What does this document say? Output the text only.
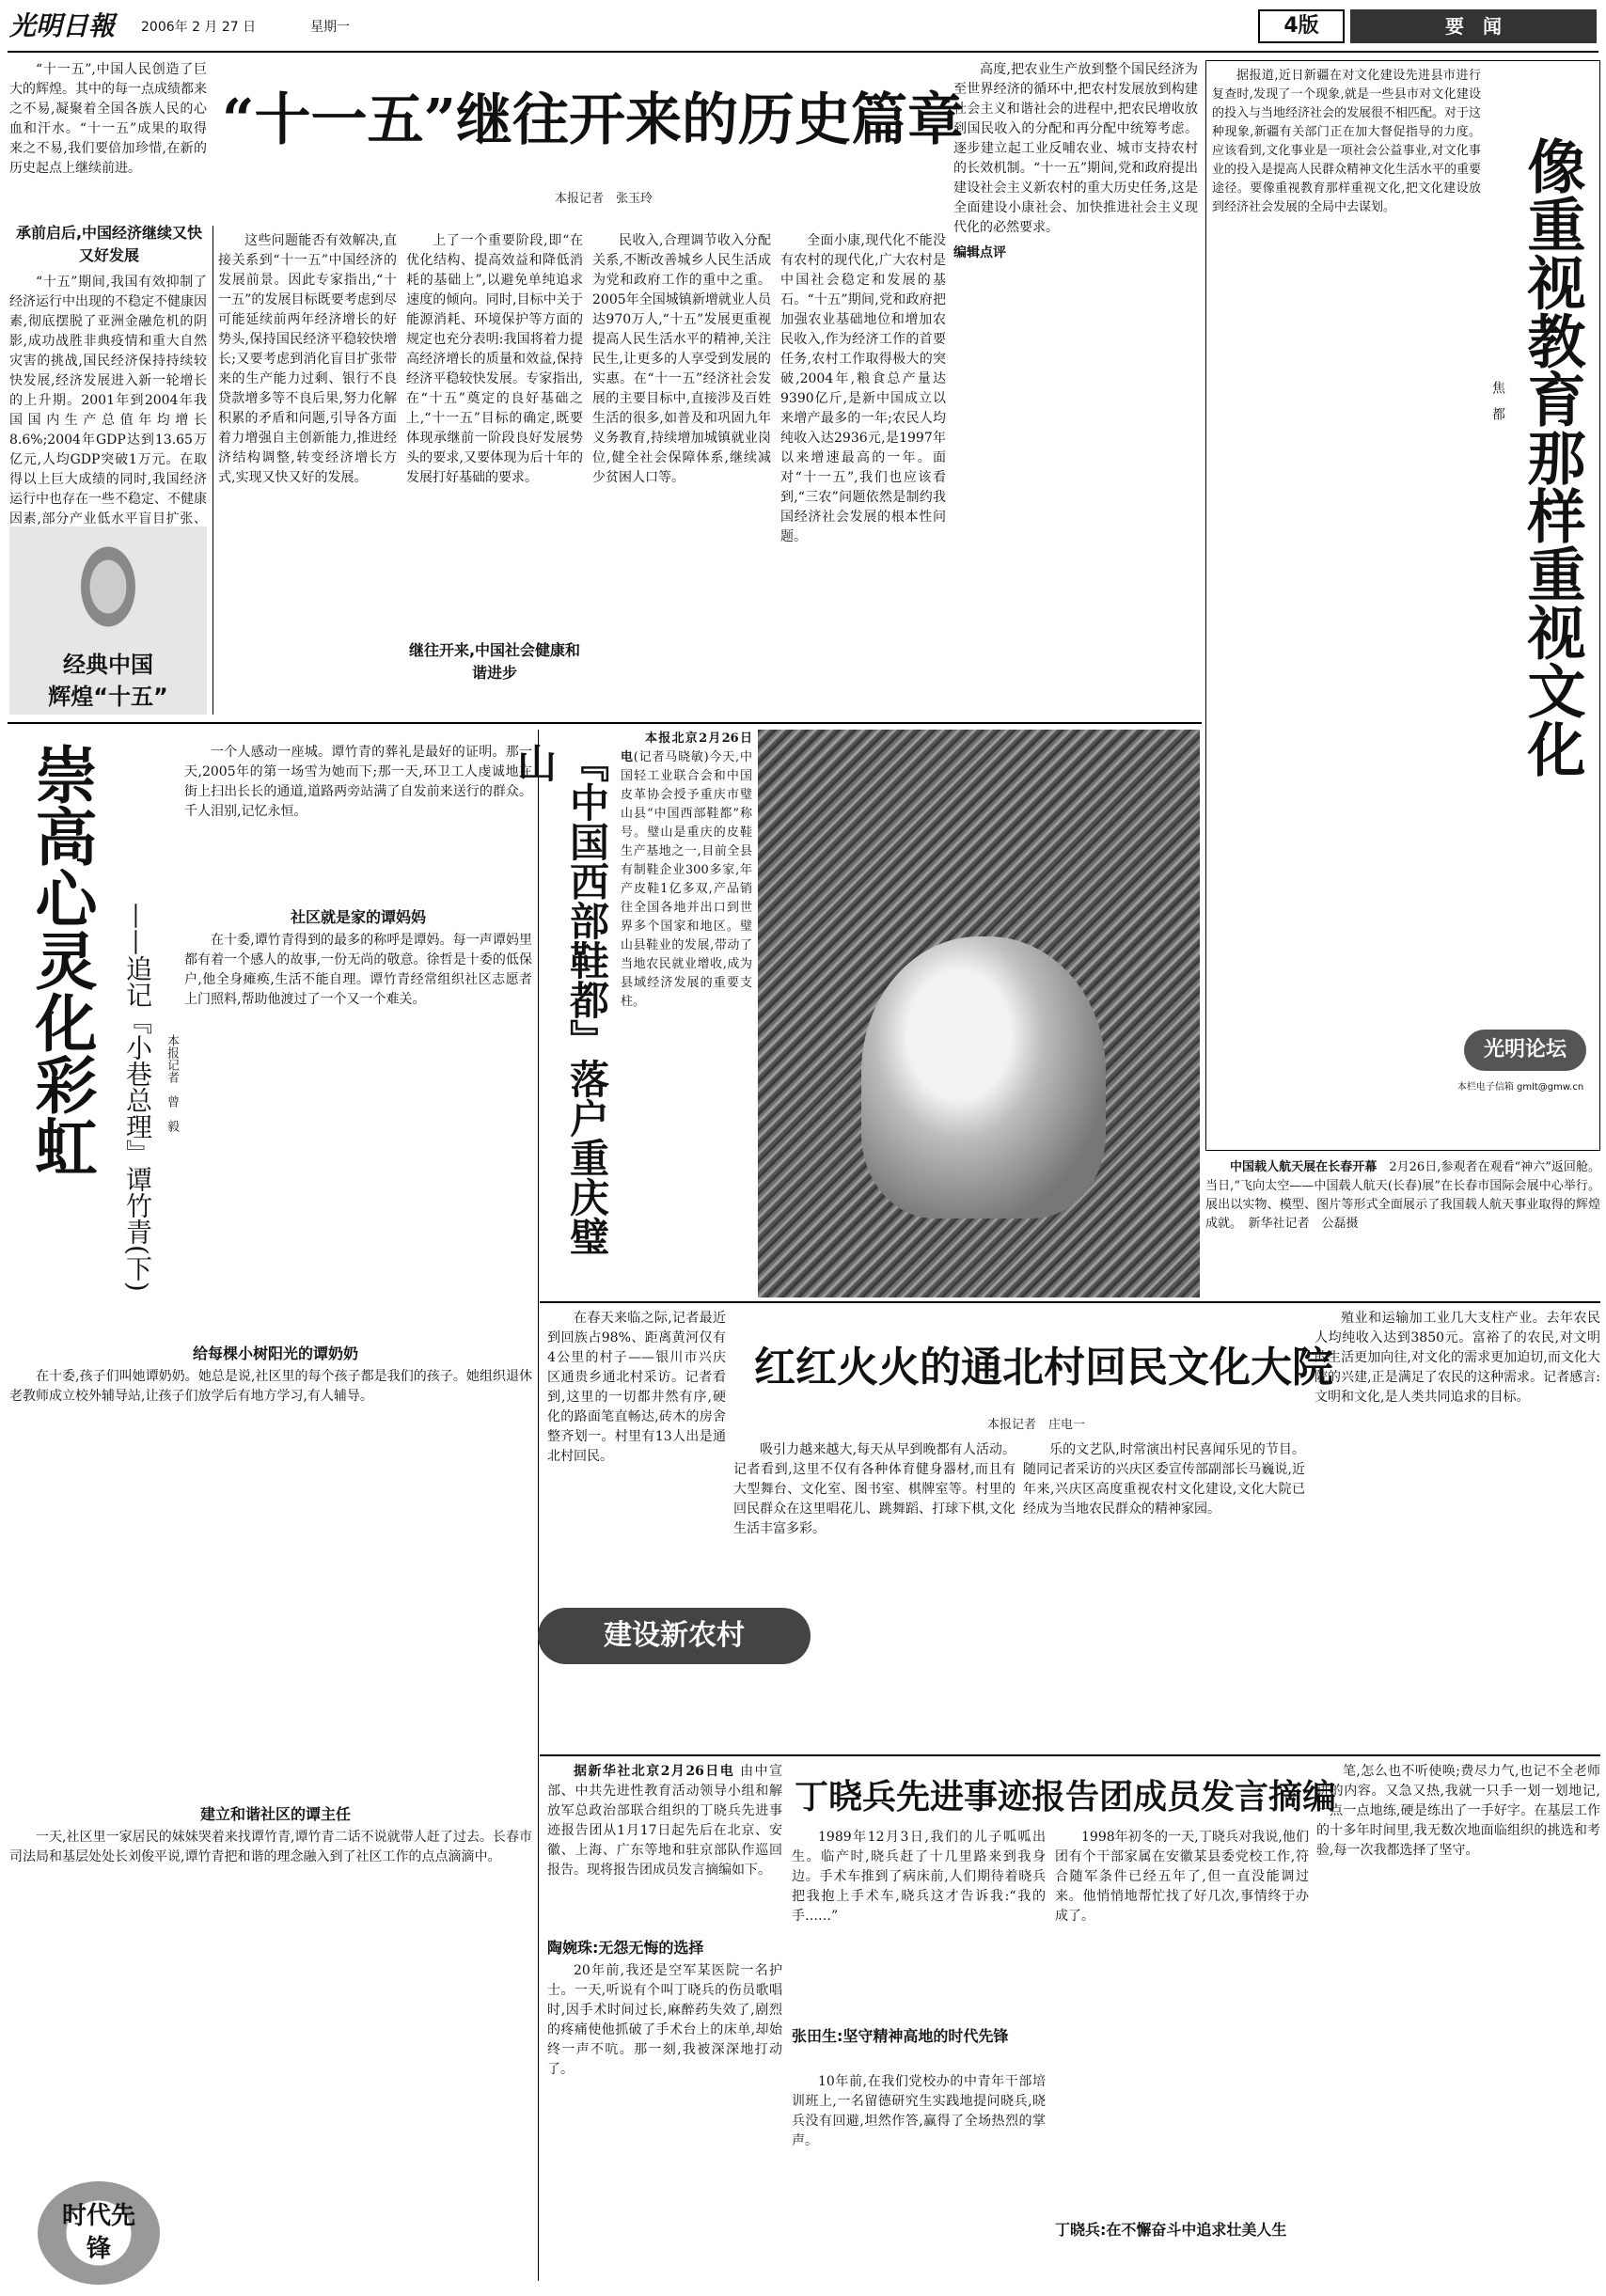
光明日報	2006年 2 月 27 日	星期一	4版	要　闻

“十一五”,中国人民创造了巨大的辉煌。其中的每一点成绩都来之不易,凝聚着全国各族人民的心血和汗水。“十一五”成果的取得来之不易,我们要倍加珍惜,在新的历史起点上继续前进。

“十一五”继往开来的历史篇章
本报记者　张玉玲
承前启后,中国经济继续又快又好发展

“十五”期间,我国有效抑制了经济运行中出现的不稳定不健康因素,彻底摆脱了亚洲金融危机的阴影,成功战胜非典疫情和重大自然灾害的挑战,国民经济保持持续较快发展,经济发展进入新一轮增长的上升期。2001年到2004年我国国内生产总值年均增长8.6%;2004年GDP达到13.65万亿元,人均GDP突破1万元。在取得以上巨大成绩的同时,我国经济运行中也存在一些不稳定、不健康因素,部分产业低水平盲目扩张、

经典中国
辉煌“十五”

这些问题能否有效解决,直接关系到“十一五”中国经济的发展前景。因此专家指出,“十一五”的发展目标既要考虑到尽可能延续前两年经济增长的好势头,保持国民经济平稳较快增长;又要考虑到消化盲目扩张带来的生产能力过剩、银行不良贷款增多等不良后果,努力化解积累的矛盾和问题,引导各方面着力增强自主创新能力,推进经济结构调整,转变经济增长方式,实现又快又好的发展。

上了一个重要阶段,即“在优化结构、提高效益和降低消耗的基础上”,以避免单纯追求速度的倾向。同时,目标中关于能源消耗、环境保护等方面的规定也充分表明:我国将着力提高经济增长的质量和效益,保持经济平稳较快发展。专家指出,在“十五”奠定的良好基础之上,“十一五”目标的确定,既要体现承继前一阶段良好发展势头的要求,又要体现为后十年的发展打好基础的要求。

继往开来,中国社会健康和谐进步

民收入,合理调节收入分配关系,不断改善城乡人民生活成为党和政府工作的重中之重。2005年全国城镇新增就业人员达970万人,“十五”发展更重视提高人民生活水平的精神,关注民生,让更多的人享受到发展的实惠。在“十一五”经济社会发展的主要目标中,直接涉及百姓生活的很多,如普及和巩固九年义务教育,持续增加城镇就业岗位,健全社会保障体系,继续减少贫困人口等。

全面小康,现代化不能没有农村的现代化,广大农村是中国社会稳定和发展的基石。“十五”期间,党和政府把加强农业基础地位和增加农民收入,作为经济工作的首要任务,农村工作取得极大的突破,2004年,粮食总产量达9390亿斤,是新中国成立以来增产最多的一年;农民人均纯收入达2936元,是1997年以来增速最高的一年。面对“十一五”,我们也应该看到,“三农”问题依然是制约我国经济社会发展的根本性问题。

高度,把农业生产放到整个国民经济为至世界经济的循环中,把农村发展放到构建社会主义和谐社会的进程中,把农民增收放到国民收入的分配和再分配中统筹考虑。逐步建立起工业反哺农业、城市支持农村的长效机制。“十一五”期间,党和政府提出建设社会主义新农村的重大历史任务,这是全面建设小康社会、加快推进社会主义现代化的必然要求。

编辑点评

据报道,近日新疆在对文化建设先进县市进行复查时,发现了一个现象,就是一些县市对文化建设的投入与当地经济社会的发展很不相匹配。对于这种现象,新疆有关部门正在加大督促指导的力度。应该看到,文化事业是一项社会公益事业,对文化事业的投入是提高人民群众精神文化生活水平的重要途径。要像重视教育那样重视文化,把文化建设放到经济社会发展的全局中去谋划。	像重视教育那样重视文化
焦　都
光明论坛
本栏电子信箱 gmlt@gmw.cn
崇高心灵化彩虹 ——追记『小巷总理』谭竹青(下) 本报记者　曾　毅

一个人感动一座城。谭竹青的葬礼是最好的证明。那一天,2005年的第一场雪为她而下;那一天,环卫工人虔诚地在街上扫出长长的通道,道路两旁站满了自发前来送行的群众。千人泪别,记忆永恒。

社区就是家的谭妈妈

在十委,谭竹青得到的最多的称呼是谭妈。每一声谭妈里都有着一个感人的故事,一份无尚的敬意。徐哲是十委的低保户,他全身瘫痪,生活不能自理。谭竹青经常组织社区志愿者上门照料,帮助他渡过了一个又一个难关。

给每棵小树阳光的谭奶奶

在十委,孩子们叫她谭奶奶。她总是说,社区里的每个孩子都是我们的孩子。她组织退休老教师成立校外辅导站,让孩子们放学后有地方学习,有人辅导。

建立和谐社区的谭主任

一天,社区里一家居民的妹妹哭着来找谭竹青,谭竹青二话不说就带人赶了过去。长春市司法局和基层处处长刘俊平说,谭竹青把和谐的理念融入到了社区工作的点点滴滴中。

时代先锋
『中国西部鞋都』落户重庆璧山

本报北京2月26日电(记者马晓敏)今天,中国轻工业联合会和中国皮革协会授予重庆市璧山县“中国西部鞋都”称号。璧山是重庆的皮鞋生产基地之一,目前全县有制鞋企业300多家,年产皮鞋1亿多双,产品销往全国各地并出口到世界多个国家和地区。璧山县鞋业的发展,带动了当地农民就业增收,成为县域经济发展的重要支柱。

中国载人航天展在长春开幕　 2月26日,参观者在观看“神六”返回舱。当日,“飞向太空——中国载人航天(长春)展”在长春市国际会展中心举行。展出以实物、模型、图片等形式全面展示了我国载人航天事业取得的辉煌成就。　 新华社记者　公磊摄

在春天来临之际,记者最近到回族占98%、距离黄河仅有4公里的村子——银川市兴庆区通贵乡通北村采访。记者看到,这里的一切都井然有序,硬化的路面笔直畅达,砖木的房舍整齐划一。村里有13人出是通北村回民。

红红火火的通北村回民文化大院
本报记者　庄电一

吸引力越来越大,每天从早到晚都有人活动。记者看到,这里不仅有各种体育健身器材,而且有大型舞台、文化室、图书室、棋牌室等。村里的回民群众在这里唱花儿、跳舞蹈、打球下棋,文化生活丰富多彩。

乐的文艺队,时常演出村民喜闻乐见的节目。随同记者采访的兴庆区委宣传部副部长马巍说,近年来,兴庆区高度重视农村文化建设,文化大院已经成为当地农民群众的精神家园。

殖业和运输加工业几大支柱产业。去年农民人均纯收入达到3850元。富裕了的农民,对文明的生活更加向往,对文化的需求更加迫切,而文化大院的兴建,正是满足了农民的这种需求。记者感言:文明和文化,是人类共同追求的目标。

建设新农村

据新华社北京2月26日电 由中宣部、中共先进性教育活动领导小组和解放军总政治部联合组织的丁晓兵先进事迹报告团从1月17日起先后在北京、安徽、上海、广东等地和驻京部队作巡回报告。现将报告团成员发言摘编如下。

丁晓兵先进事迹报告团成员发言摘编
陶婉珠:无怨无悔的选择

20年前,我还是空军某医院一名护士。一天,听说有个叫丁晓兵的伤员歌唱时,因手术时间过长,麻醉药失效了,剧烈的疼痛使他抓破了手术台上的床单,却始终一声不吭。那一刻,我被深深地打动了。

1989年12月3日,我们的儿子呱呱出生。临产时,晓兵赶了十几里路来到我身边。手术车推到了病床前,人们期待着晓兵把我抱上手术车,晓兵这才告诉我:“我的手……”

张田生:坚守精神高地的时代先锋

10年前,在我们党校办的中青年干部培训班上,一名留德研究生实践地提问晓兵,晓兵没有回避,坦然作答,赢得了全场热烈的掌声。

1998年初冬的一天,丁晓兵对我说,他们团有个干部家属在安徽某县委党校工作,符合随军条件已经五年了,但一直没能调过来。他悄悄地帮忙找了好几次,事情终于办成了。

丁晓兵:在不懈奋斗中追求壮美人生

笔,怎么也不听使唤;费尽力气,也记不全老师讲的内容。又急又热,我就一只手一划一划地记,一点一点地练,硬是练出了一手好字。在基层工作的十多年时间里,我无数次地面临组织的挑选和考验,每一次我都选择了坚守。
